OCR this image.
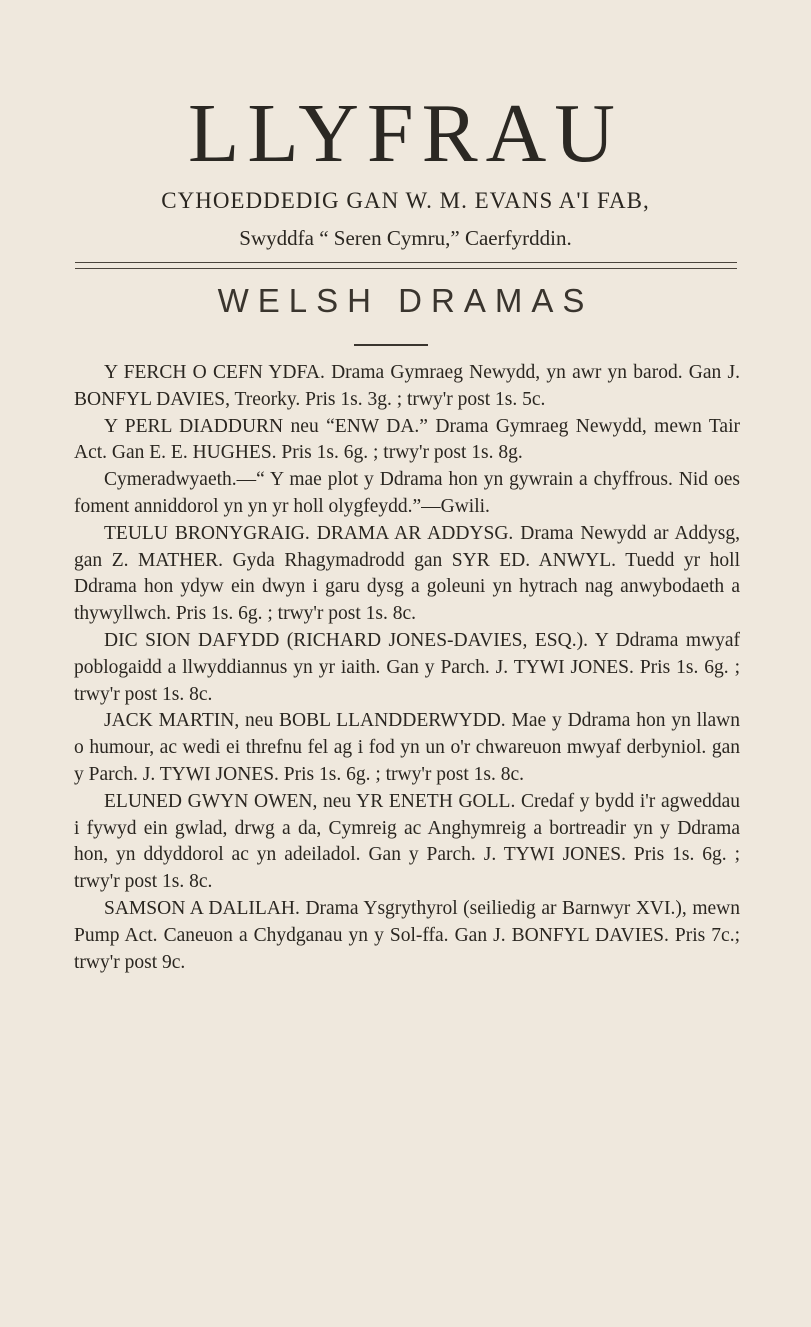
LLYFRAU
CYHOEDDEDIG GAN W. M. EVANS A'I FAB,
Swyddfa “ Seren Cymru,” Caerfyrddin.
WELSH DRAMAS

Y FERCH O CEFN YDFA. Drama Gymraeg Newydd, yn awr yn barod. Gan J. BONFYL DAVIES, Treorky. Pris 1s. 3g. ; trwy'r post 1s. 5c.

Y PERL DIADDURN neu “ENW DA.” Drama Gymraeg Newydd, mewn Tair Act. Gan E. E. HUGHES. Pris 1s. 6g. ; trwy'r post 1s. 8g.

Cymeradwyaeth.—“ Y mae plot y Ddrama hon yn gywrain a chyffrous. Nid oes foment anniddorol yn yn yr holl olygfeydd.”—Gwili.

TEULU BRONYGRAIG. DRAMA AR ADDYSG. Drama Newydd ar Addysg, gan Z. MATHER. Gyda Rhagymadrodd gan SYR ED. ANWYL. Tuedd yr holl Ddrama hon ydyw ein dwyn i garu dysg a goleuni yn hytrach nag anwybodaeth a thywyllwch. Pris 1s. 6g. ; trwy'r post 1s. 8c.

DIC SION DAFYDD (RICHARD JONES-DAVIES, ESQ.). Y Ddrama mwyaf poblogaidd a llwyddiannus yn yr iaith. Gan y Parch. J. TYWI JONES. Pris 1s. 6g. ; trwy'r post 1s. 8c.

JACK MARTIN, neu BOBL LLANDDERWYDD. Mae y Ddrama hon yn llawn o humour, ac wedi ei threfnu fel ag i fod yn un o'r chwareuon mwyaf derbyniol. gan y Parch. J. TYWI JONES. Pris 1s. 6g. ; trwy'r post 1s. 8c.

ELUNED GWYN OWEN, neu YR ENETH GOLL. Credaf y bydd i'r agweddau i fywyd ein gwlad, drwg a da, Cymreig ac Anghymreig a bortreadir yn y Ddrama hon, yn ddyddorol ac yn adeiladol. Gan y Parch. J. TYWI JONES. Pris 1s. 6g. ; trwy'r post 1s. 8c.

SAMSON A DALILAH. Drama Ysgrythyrol (seiliedig ar Barnwyr XVI.), mewn Pump Act. Caneuon a Chydganau yn y Sol-ffa. Gan J. BONFYL DAVIES. Pris 7c.; trwy'r post 9c.
